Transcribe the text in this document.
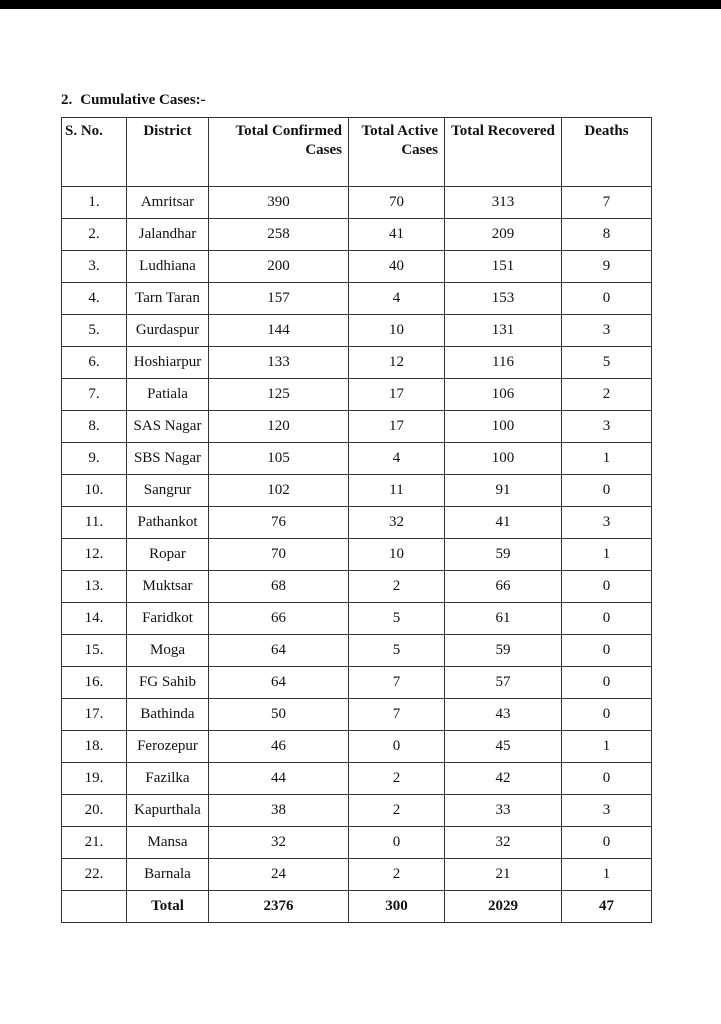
2. Cumulative Cases:-
S. No.	District	Total Confirmed Cases	Total Active Cases	Total Recovered	Deaths
1.	Amritsar	390	70	313	7
2.	Jalandhar	258	41	209	8
3.	Ludhiana	200	40	151	9
4.	Tarn Taran	157	4	153	0
5.	Gurdaspur	144	10	131	3
6.	Hoshiarpur	133	12	116	5
7.	Patiala	125	17	106	2
8.	SAS Nagar	120	17	100	3
9.	SBS Nagar	105	4	100	1
10.	Sangrur	102	11	91	0
11.	Pathankot	76	32	41	3
12.	Ropar	70	10	59	1
13.	Muktsar	68	2	66	0
14.	Faridkot	66	5	61	0
15.	Moga	64	5	59	0
16.	FG Sahib	64	7	57	0
17.	Bathinda	50	7	43	0
18.	Ferozepur	46	0	45	1
19.	Fazilka	44	2	42	0
20.	Kapurthala	38	2	33	3
21.	Mansa	32	0	32	0
22.	Barnala	24	2	21	1
	Total	2376	300	2029	47
